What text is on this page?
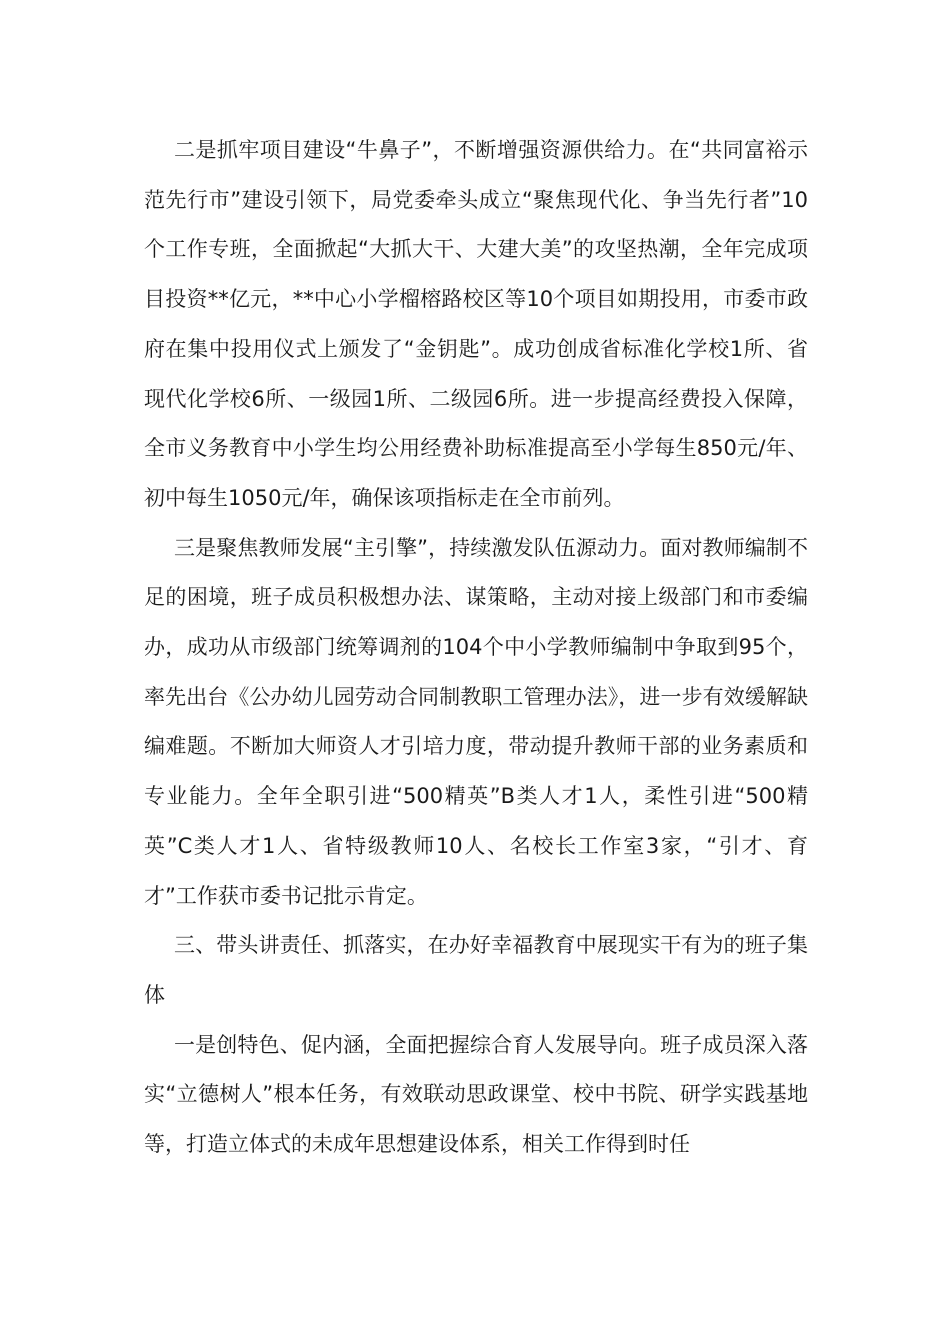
二是抓牢项目建设“牛鼻子”，不断增强资源供给力。在“共同富裕示范先行市”建设引领下，局党委牵头成立“聚焦现代化、争当先行者”10个工作专班，全面掀起“大抓大干、大建大美”的攻坚热潮，全年完成项目投资**亿元，**中心小学榴榕路校区等10个项目如期投用，市委市政府在集中投用仪式上颁发了“金钥匙”。成功创成省标准化学校1所、省现代化学校6所、一级园1所、二级园6所。进一步提高经费投入保障，全市义务教育中小学生均公用经费补助标准提高至小学每生850元/年、初中每生1050元/年，确保该项指标走在全市前列。

三是聚焦教师发展“主引擎”，持续激发队伍源动力。面对教师编制不足的困境，班子成员积极想办法、谋策略，主动对接上级部门和市委编办，成功从市级部门统筹调剂的104个中小学教师编制中争取到95个，率先出台《公办幼儿园劳动合同制教职工管理办法》，进一步有效缓解缺编难题。不断加大师资人才引培力度，带动提升教师干部的业务素质和专业能力。全年全职引进“500精英”B类人才1人，柔性引进“500精英”C类人才1人、省特级教师10人、名校长工作室3家，“引才、育才”工作获市委书记批示肯定。

三、带头讲责任、抓落实，在办好幸福教育中展现实干有为的班子集体

一是创特色、促内涵，全面把握综合育人发展导向。班子成员深入落实“立德树人”根本任务，有效联动思政课堂、校中书院、研学实践基地等，打造立体式的未成年思想建设体系，相关工作得到时任
